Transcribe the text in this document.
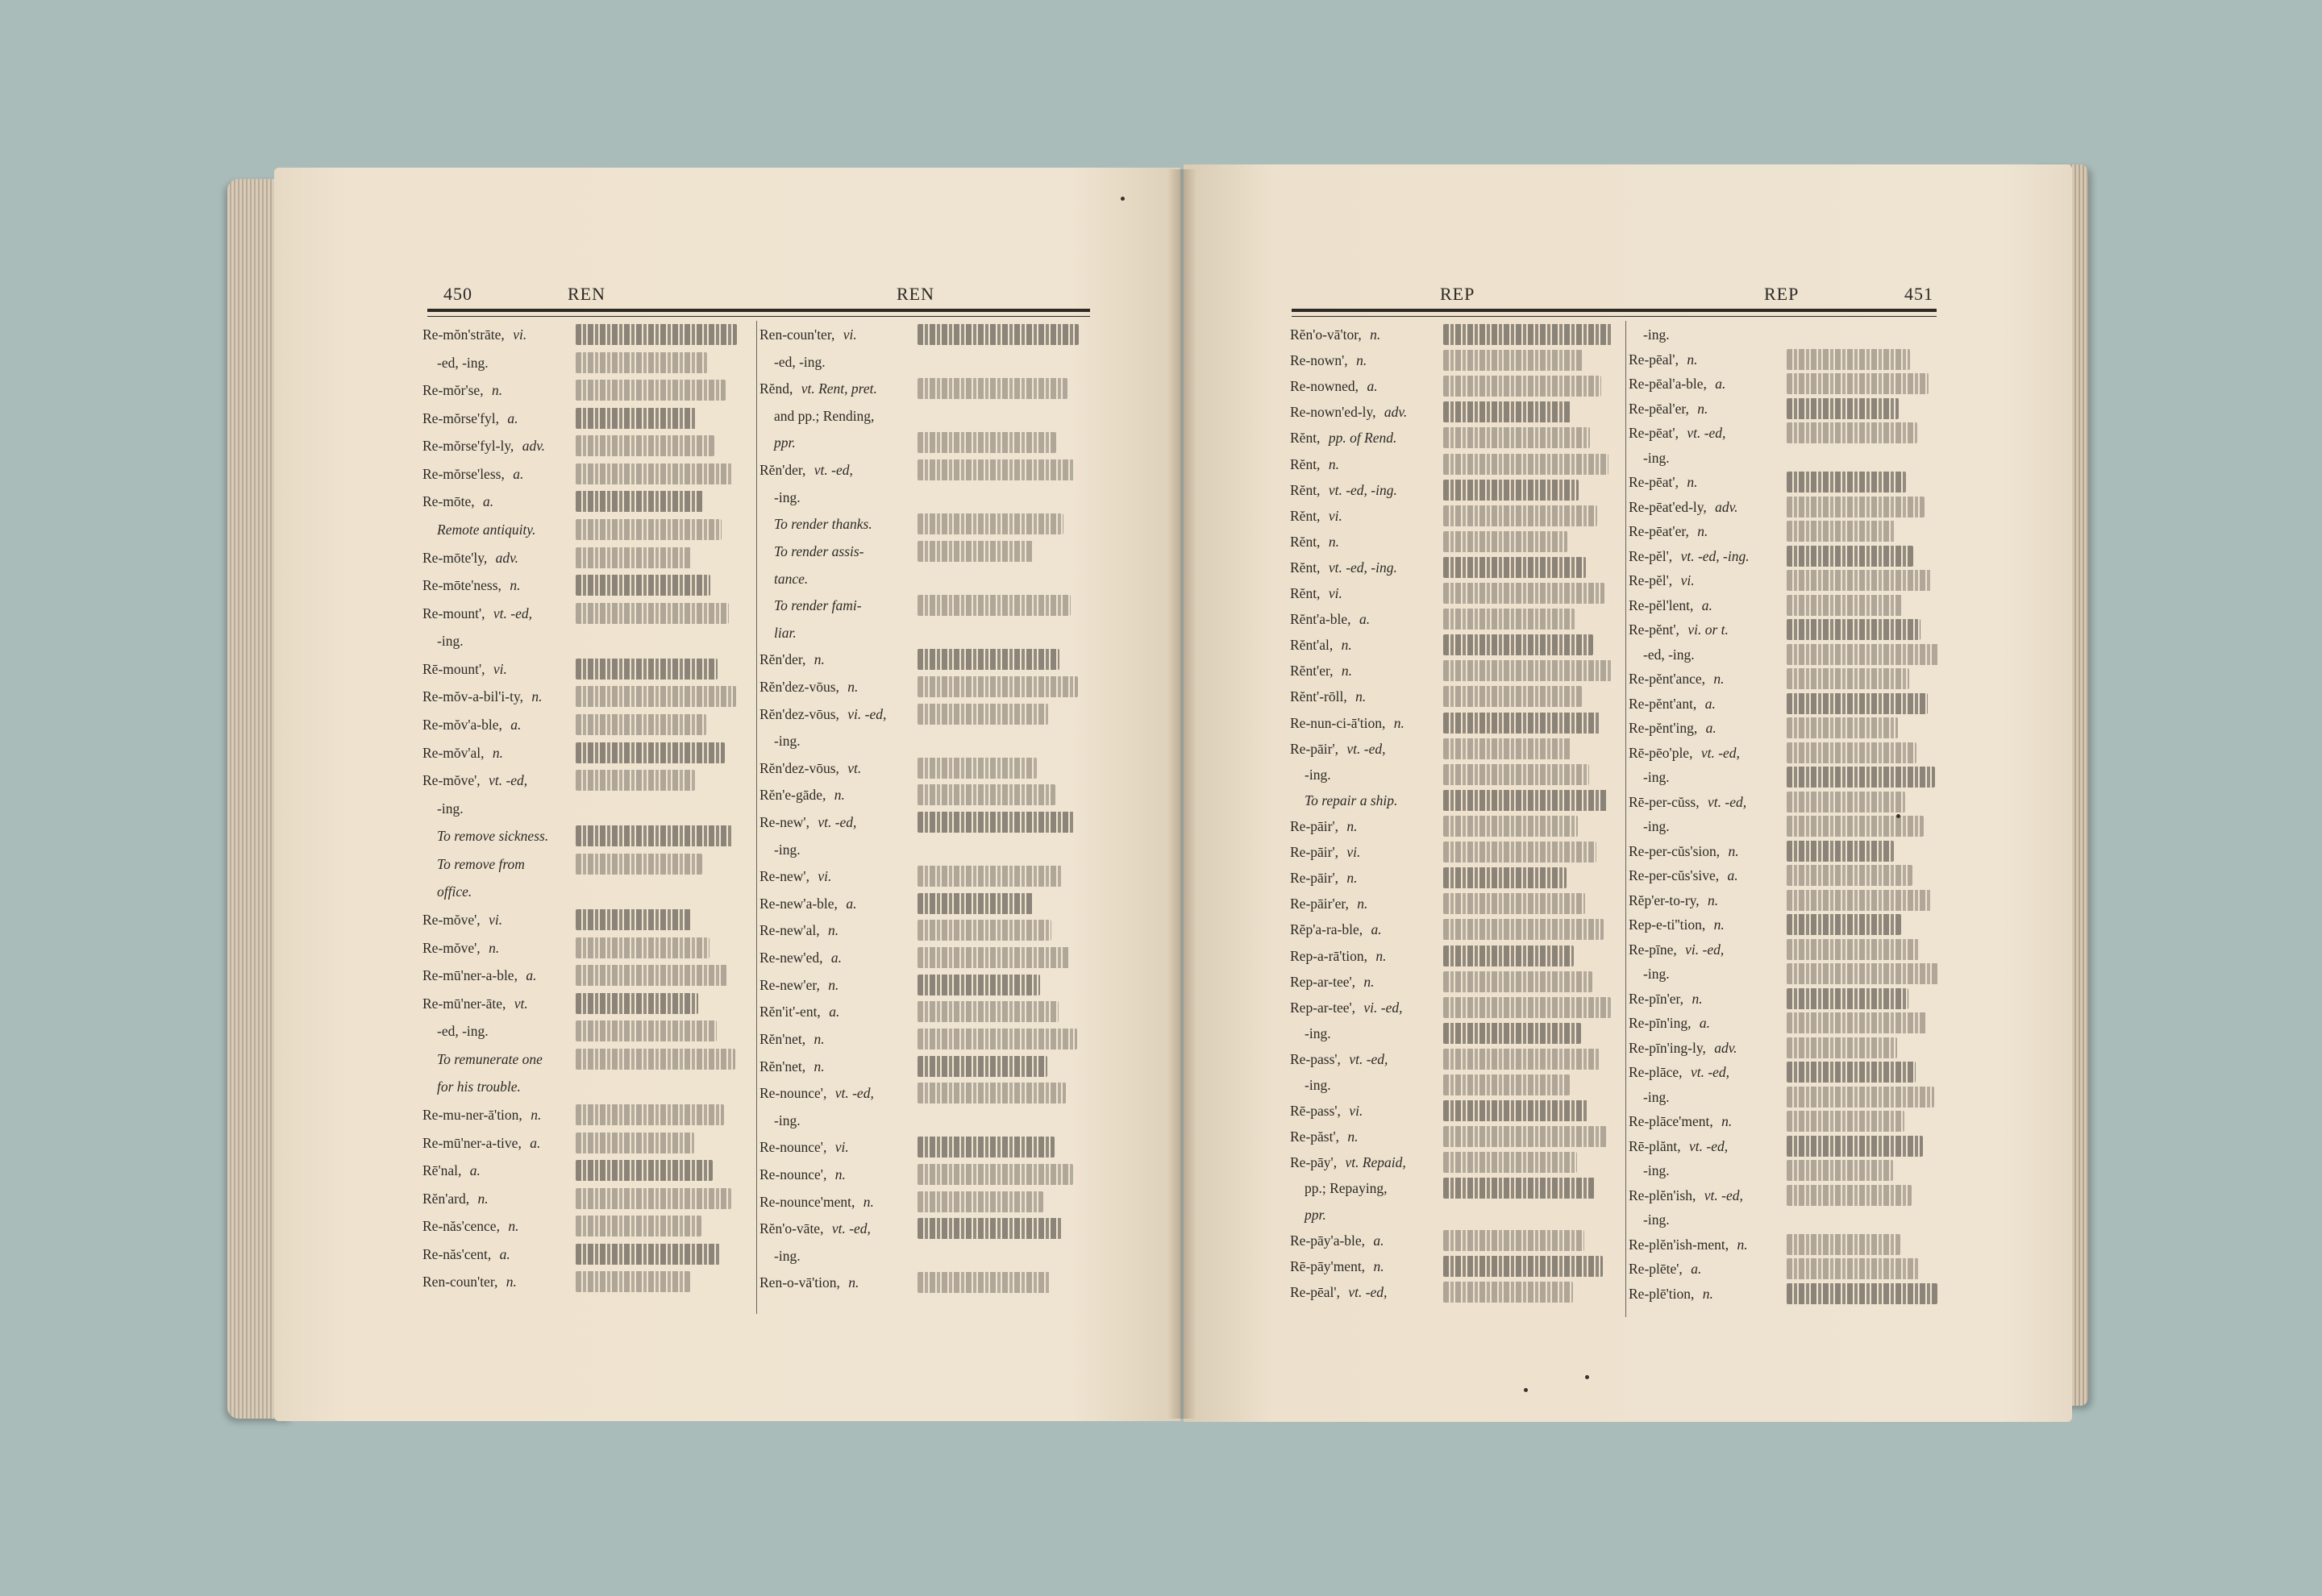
450	REN	REN	REP	REP	451
Re-mŏn'strāte, vi.
-ed, -ing.
Re-mŏr'se, n.
Re-mŏrse'fyl, a.
Re-mŏrse'fyl-ly, adv.
Re-mŏrse'less, a.
Re-mōte, a.
Remote antiquity.
Re-mōte'ly, adv.
Re-mōte'ness, n.
Re-mount', vt. -ed,
-ing.
Rē-mount', vi.
Re-mŏv-a-bil'i-ty, n.
Re-mŏv'a-ble, a.
Re-mŏv'al, n.
Re-mŏve', vt. -ed,
-ing.
To remove sickness.
To remove from
office.
Re-mŏve', vi.
Re-mŏve', n.
Re-mū'ner-a-ble, a.
Re-mū'ner-āte, vt.
-ed, -ing.
To remunerate one
for his trouble.
Re-mu-ner-ā'tion, n.
Re-mū'ner-a-tive, a.
Rē'nal, a.
Rĕn'ard, n.
Re-năs'cence, n.
Re-năs'cent, a.
Ren-coun'ter, n.
Ren-coun'ter, vi.
-ed, -ing.
Rĕnd, vt. Rent, pret.
and pp.; Rending,
ppr.
Rĕn'der, vt. -ed,
-ing.
To render thanks.
To render assis-
tance.
To render fami-
liar.
Rĕn'der, n.
Rĕn'dez-vōus, n.
Rĕn'dez-vōus, vi. -ed,
-ing.
Rĕn'dez-vōus, vt.
Rĕn'e-gāde, n.
Re-new', vt. -ed,
-ing.
Re-new', vi.
Re-new'a-ble, a.
Re-new'al, n.
Re-new'ed, a.
Re-new'er, n.
Rĕn'it'-ent, a.
Rĕn'net, n.
Rĕn'net, n.
Re-nounce', vt. -ed,
-ing.
Re-nounce', vi.
Re-nounce', n.
Re-nounce'ment, n.
Rĕn'o-vāte, vt. -ed,
-ing.
Ren-o-vā'tion, n.
Rĕn'o-vā'tor, n.
Re-nown', n.
Re-nowned, a.
Re-nown'ed-ly, adv.
Rĕnt, pp. of Rend.
Rĕnt, n.
Rĕnt, vt. -ed, -ing.
Rĕnt, vi.
Rĕnt, n.
Rĕnt, vt. -ed, -ing.
Rĕnt, vi.
Rĕnt'a-ble, a.
Rĕnt'al, n.
Rĕnt'er, n.
Rĕnt'-rōll, n.
Re-nun-ci-ā'tion, n.
Re-pāir', vt. -ed,
-ing.
To repair a ship.
Re-pāir', n.
Re-pāir', vi.
Re-pāir', n.
Re-pāir'er, n.
Rĕp'a-ra-ble, a.
Rep-a-rā'tion, n.
Rep-ar-tee', n.
Rep-ar-tee', vi. -ed,
-ing.
Re-pass', vt. -ed,
-ing.
Rē-pass', vi.
Re-păst', n.
Re-pāy', vt. Repaid,
pp.; Repaying,
ppr.
Re-pāy'a-ble, a.
Rē-pāy'ment, n.
Re-pēal', vt. -ed,
-ing.
Re-pēal', n.
Re-pēal'a-ble, a.
Re-pēal'er, n.
Re-pēat', vt. -ed,
-ing.
Re-pēat', n.
Re-pēat'ed-ly, adv.
Re-pēat'er, n.
Re-pĕl', vt. -ed, -ing.
Re-pĕl', vi.
Re-pĕl'lent, a.
Re-pĕnt', vi. or t.
-ed, -ing.
Re-pĕnt'ance, n.
Re-pĕnt'ant, a.
Re-pĕnt'ing, a.
Rē-pēo'ple, vt. -ed,
-ing.
Rē-per-cŭss, vt. -ed,
-ing.
Re-per-cŭs'sion, n.
Re-per-cŭs'sive, a.
Rĕp'er-to-ry, n.
Rep-e-ti''tion, n.
Re-pīne, vi. -ed,
-ing.
Re-pīn'er, n.
Re-pīn'ing, a.
Re-pīn'ing-ly, adv.
Re-plāce, vt. -ed,
-ing.
Re-plāce'ment, n.
Rē-plănt, vt. -ed,
-ing.
Re-plĕn'ish, vt. -ed,
-ing.
Re-plĕn'ish-ment, n.
Re-plēte', a.
Re-plē'tion, n.
